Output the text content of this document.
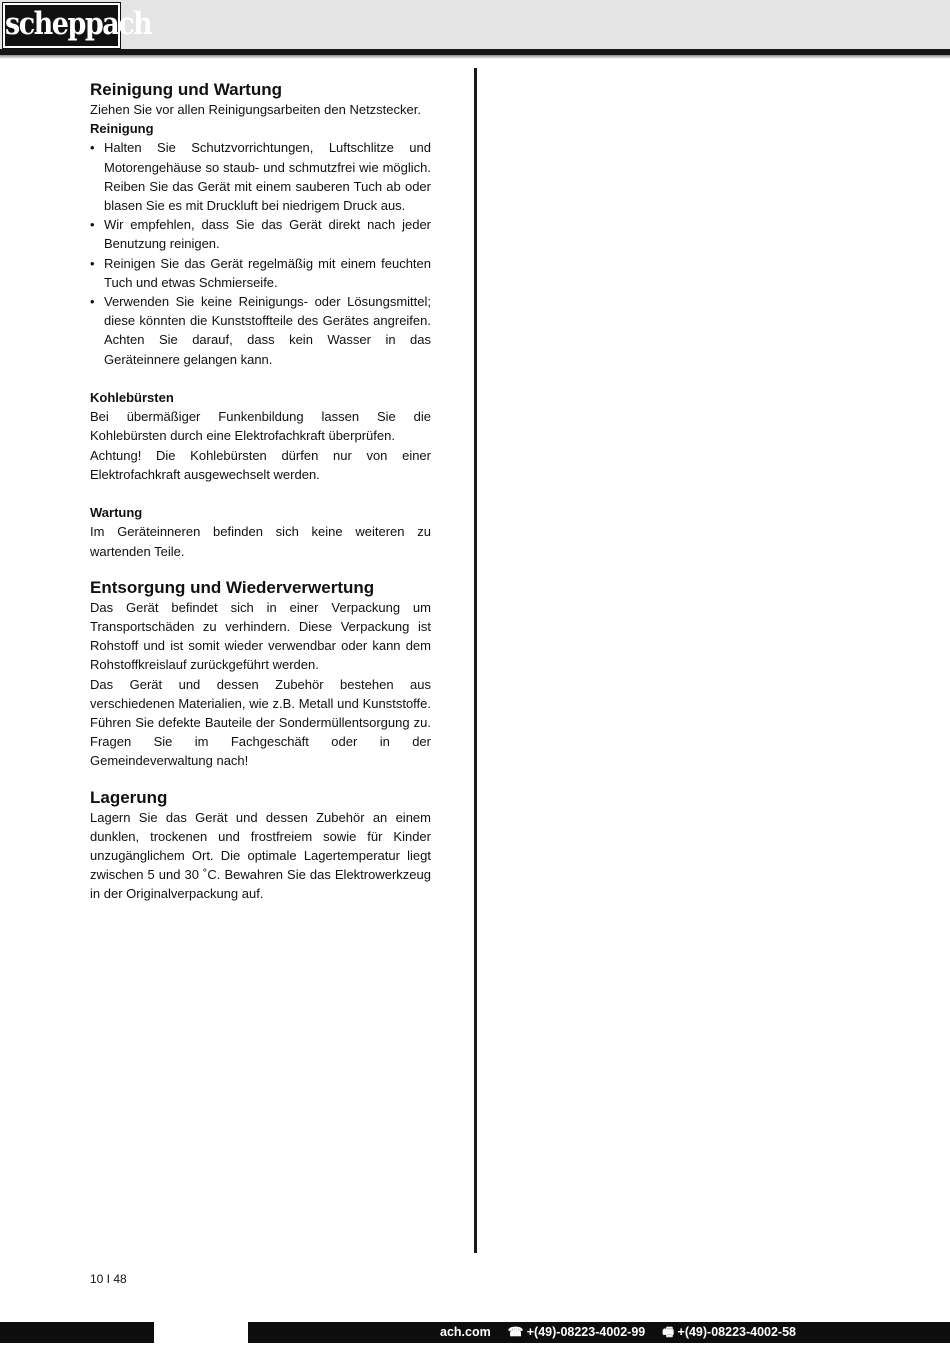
scheppach
Reinigung und Wartung

Ziehen Sie vor allen Reinigungsarbeiten den Netzstecker.

Reinigung
• Halten Sie Schutzvorrichtungen, Luftschlitze und Motorengehäuse so staub- und schmutzfrei wie möglich. Reiben Sie das Gerät mit einem sauberen Tuch ab oder blasen Sie es mit Druckluft bei niedrigem Druck aus.
• Wir empfehlen, dass Sie das Gerät direkt nach jeder Benutzung reinigen.
• Reinigen Sie das Gerät regelmäßig mit einem feuchten Tuch und etwas Schmierseife.
• Verwenden Sie keine Reinigungs- oder Lösungsmittel; diese könnten die Kunststoffteile des Gerätes angreifen. Achten Sie darauf, dass kein Wasser in das Geräteinnere gelangen kann.
Kohlebürsten

Bei übermäßiger Funkenbildung lassen Sie die Kohlebürsten durch eine Elektrofachkraft überprüfen.

Achtung! Die Kohlebürsten dürfen nur von einer Elektrofachkraft ausgewechselt werden.

Wartung

Im Geräteinneren befinden sich keine weiteren zu wartenden Teile.

Entsorgung und Wiederverwertung

Das Gerät befindet sich in einer Verpackung um Transportschäden zu verhindern. Diese Verpackung ist Rohstoff und ist somit wieder verwendbar oder kann dem Rohstoffkreislauf zurückgeführt werden.

Das Gerät und dessen Zubehör bestehen aus verschiedenen Materialien, wie z.B. Metall und Kunststoffe. Führen Sie defekte Bauteile der Sondermüllentsorgung zu. Fragen Sie im Fachgeschäft oder in der Gemeindeverwaltung nach!

Lagerung

Lagern Sie das Gerät und dessen Zubehör an einem dunklen, trockenen und frostfreiem sowie für Kinder unzugänglichem Ort. Die optimale Lagertemperatur liegt zwischen 5 und 30 ˚C. Bewahren Sie das Elektrowerkzeug in der Originalverpackung auf.

10 I 48
ach.com ☎ +(49)-08223-4002-99 🖷 +(49)-08223-4002-58
